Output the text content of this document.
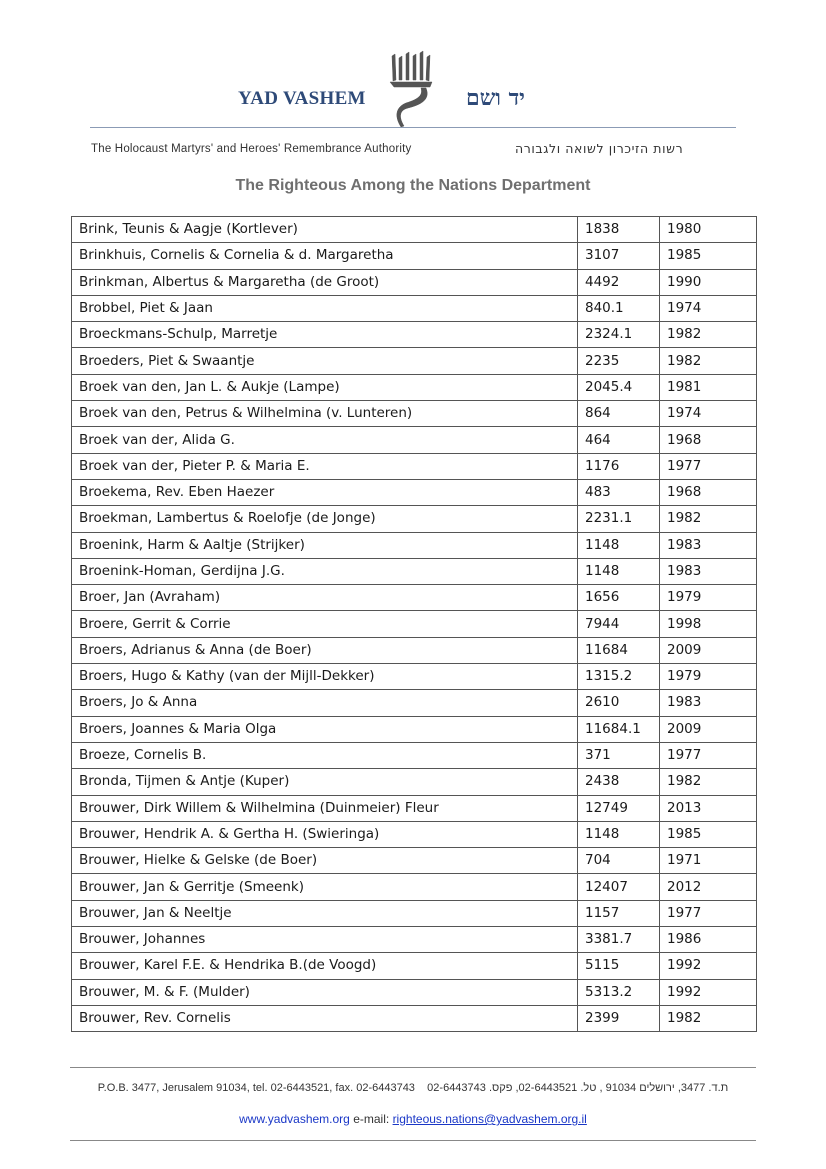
YAD VASHEM	יד ושם
The Holocaust Martyrs' and Heroes' Remembrance Authority	רשות הזיכרון לשואה ולגבורה
The Righteous Among the Nations Department
Brink, Teunis & Aagje (Kortlever)	1838	1980
Brinkhuis, Cornelis & Cornelia & d. Margaretha	3107	1985
Brinkman, Albertus & Margaretha (de Groot)	4492	1990
Brobbel, Piet & Jaan	840.1	1974
Broeckmans-Schulp, Marretje	2324.1	1982
Broeders, Piet & Swaantje	2235	1982
Broek van den, Jan L. & Aukje (Lampe)	2045.4	1981
Broek van den, Petrus & Wilhelmina (v. Lunteren)	864	1974
Broek van der, Alida G.	464	1968
Broek van der, Pieter P. & Maria E.	1176	1977
Broekema, Rev. Eben Haezer	483	1968
Broekman, Lambertus & Roelofje (de Jonge)	2231.1	1982
Broenink, Harm & Aaltje (Strijker)	1148	1983
Broenink-Homan, Gerdijna J.G.	1148	1983
Broer, Jan (Avraham)	1656	1979
Broere, Gerrit & Corrie	7944	1998
Broers, Adrianus & Anna (de Boer)	11684	2009
Broers, Hugo & Kathy (van der Mijll-Dekker)	1315.2	1979
Broers, Jo & Anna	2610	1983
Broers, Joannes & Maria Olga	11684.1	2009
Broeze, Cornelis B.	371	1977
Bronda, Tijmen & Antje (Kuper)	2438	1982
Brouwer, Dirk Willem & Wilhelmina (Duinmeier) Fleur	12749	2013
Brouwer, Hendrik A. & Gertha H. (Swieringa)	1148	1985
Brouwer, Hielke & Gelske (de Boer)	704	1971
Brouwer, Jan & Gerritje (Smeenk)	12407	2012
Brouwer, Jan & Neeltje	1157	1977
Brouwer, Johannes	3381.7	1986
Brouwer, Karel F.E. & Hendrika B.(de Voogd)	5115	1992
Brouwer, M. & F. (Mulder)	5313.2	1992
Brouwer, Rev. Cornelis	2399	1982
P.O.B. 3477, Jerusalem 91034, tel. 02-6443521, fax. 02-6443743 ת.ד. 3477, ירושלים 91034 , טל. 02-6443521, פקס. 02-6443743
www.yadvashem.org e-mail: righteous.nations@yadvashem.org.il
